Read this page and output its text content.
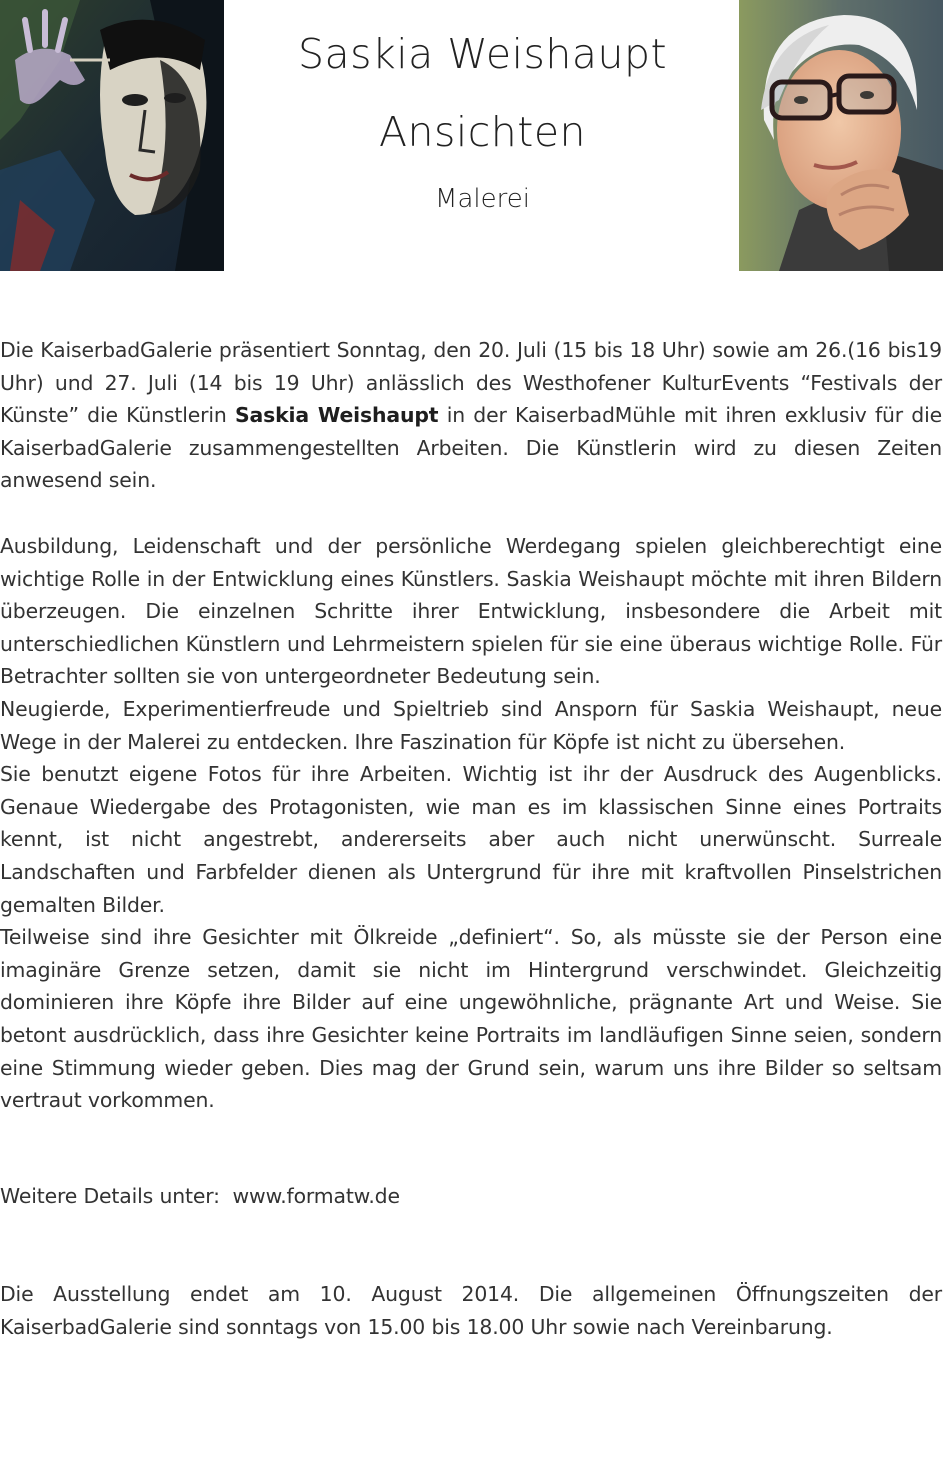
Saskia Weishaupt
Ansichten
Malerei

Die KaiserbadGalerie präsentiert Sonntag, den 20. Juli (15 bis 18 Uhr) sowie am 26.(16 bis19 Uhr) und 27. Juli (14 bis 19 Uhr) anlässlich des Westhofener KulturEvents “Festivals der Künste” die Künstlerin Saskia Weishaupt in der KaiserbadMühle mit ihren exklusiv für die KaiserbadGalerie zusammengestellten Arbeiten. Die Künstlerin wird zu diesen Zeiten anwesend sein.

Ausbildung, Leidenschaft und der persönliche Werdegang spielen gleichberechtigt eine wichtige Rolle in der Entwicklung eines Künstlers. Saskia Weishaupt möchte mit ihren Bildern überzeugen. Die einzelnen Schritte ihrer Entwicklung, insbesondere die Arbeit mit unterschiedlichen Künstlern und Lehrmeistern spielen für sie eine überaus wichtige Rolle. Für Betrachter sollten sie von untergeordneter Bedeutung sein.

Neugierde, Experimentierfreude und Spieltrieb sind Ansporn für Saskia Weishaupt, neue Wege in der Malerei zu entdecken. Ihre Faszination für Köpfe ist nicht zu übersehen.

Sie benutzt eigene Fotos für ihre Arbeiten. Wichtig ist ihr der Ausdruck des Augenblicks. Genaue Wiedergabe des Protagonisten, wie man es im klassischen Sinne eines Portraits kennt, ist nicht angestrebt, andererseits aber auch nicht unerwünscht. Surreale Landschaften und Farbfelder dienen als Untergrund für ihre mit kraftvollen Pinselstrichen gemalten Bilder.

Teilweise sind ihre Gesichter mit Ölkreide „definiert“. So, als müsste sie der Person eine imaginäre Grenze setzen, damit sie nicht im Hintergrund verschwindet. Gleichzeitig dominieren ihre Köpfe ihre Bilder auf eine ungewöhnliche, prägnante Art und Weise. Sie betont ausdrücklich, dass ihre Gesichter keine Portraits im landläufigen Sinne seien, sondern eine Stimmung wieder geben. Dies mag der Grund sein, warum uns ihre Bilder so seltsam vertraut vorkommen.

Weitere Details unter: www.formatw.de

Die Ausstellung endet am 10. August 2014. Die allgemeinen Öffnungszeiten der KaiserbadGalerie sind sonntags von 15.00 bis 18.00 Uhr sowie nach Vereinbarung.
